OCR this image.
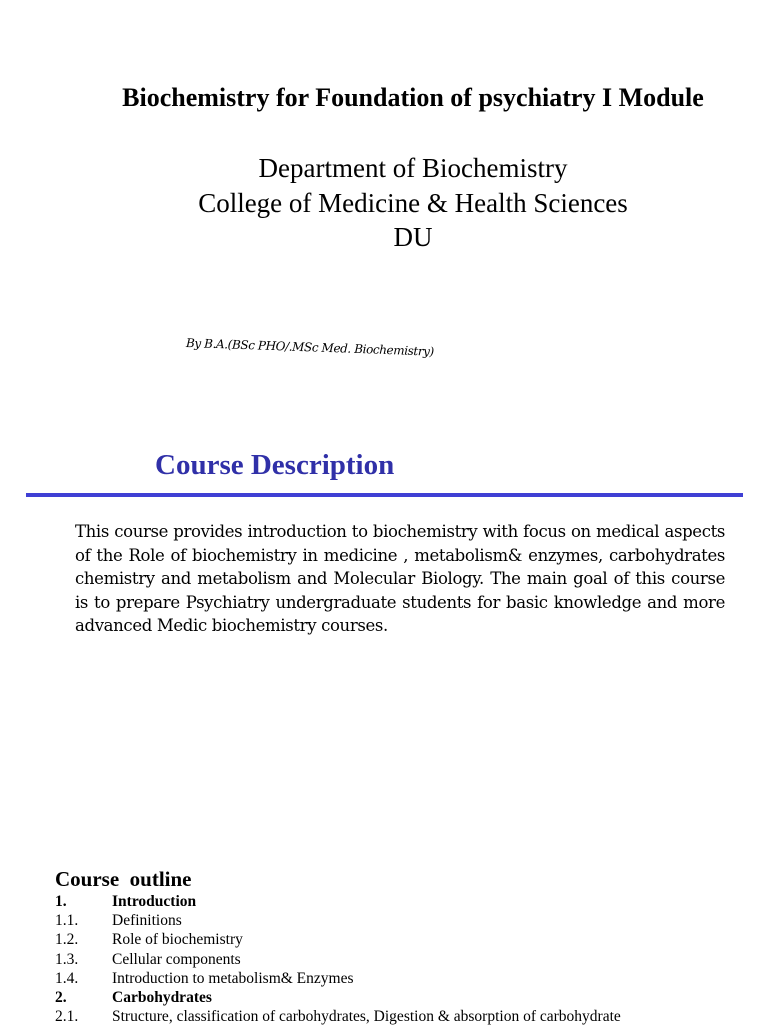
Biochemistry for Foundation of psychiatry I Module
Department of Biochemistry
College of Medicine & Health Sciences
DU
By B.A.(BSc PHO/.MSc Med. Biochemistry)
Course Description
This course provides introduction to biochemistry with focus on medical aspects of the Role of biochemistry in medicine , metabolism& enzymes, carbohydrates chemistry and metabolism and Molecular Biology. The main goal of this course is to prepare Psychiatry undergraduate students for basic knowledge and more advanced Medic biochemistry courses.
Course  outline
1.	Introduction
1.1. Definitions
1.2. Role of biochemistry
1.3. Cellular components
1.4. Introduction to metabolism& Enzymes
2.	Carbohydrates
2.1. Structure, classification of carbohydrates, Digestion & absorption of carbohydrate
